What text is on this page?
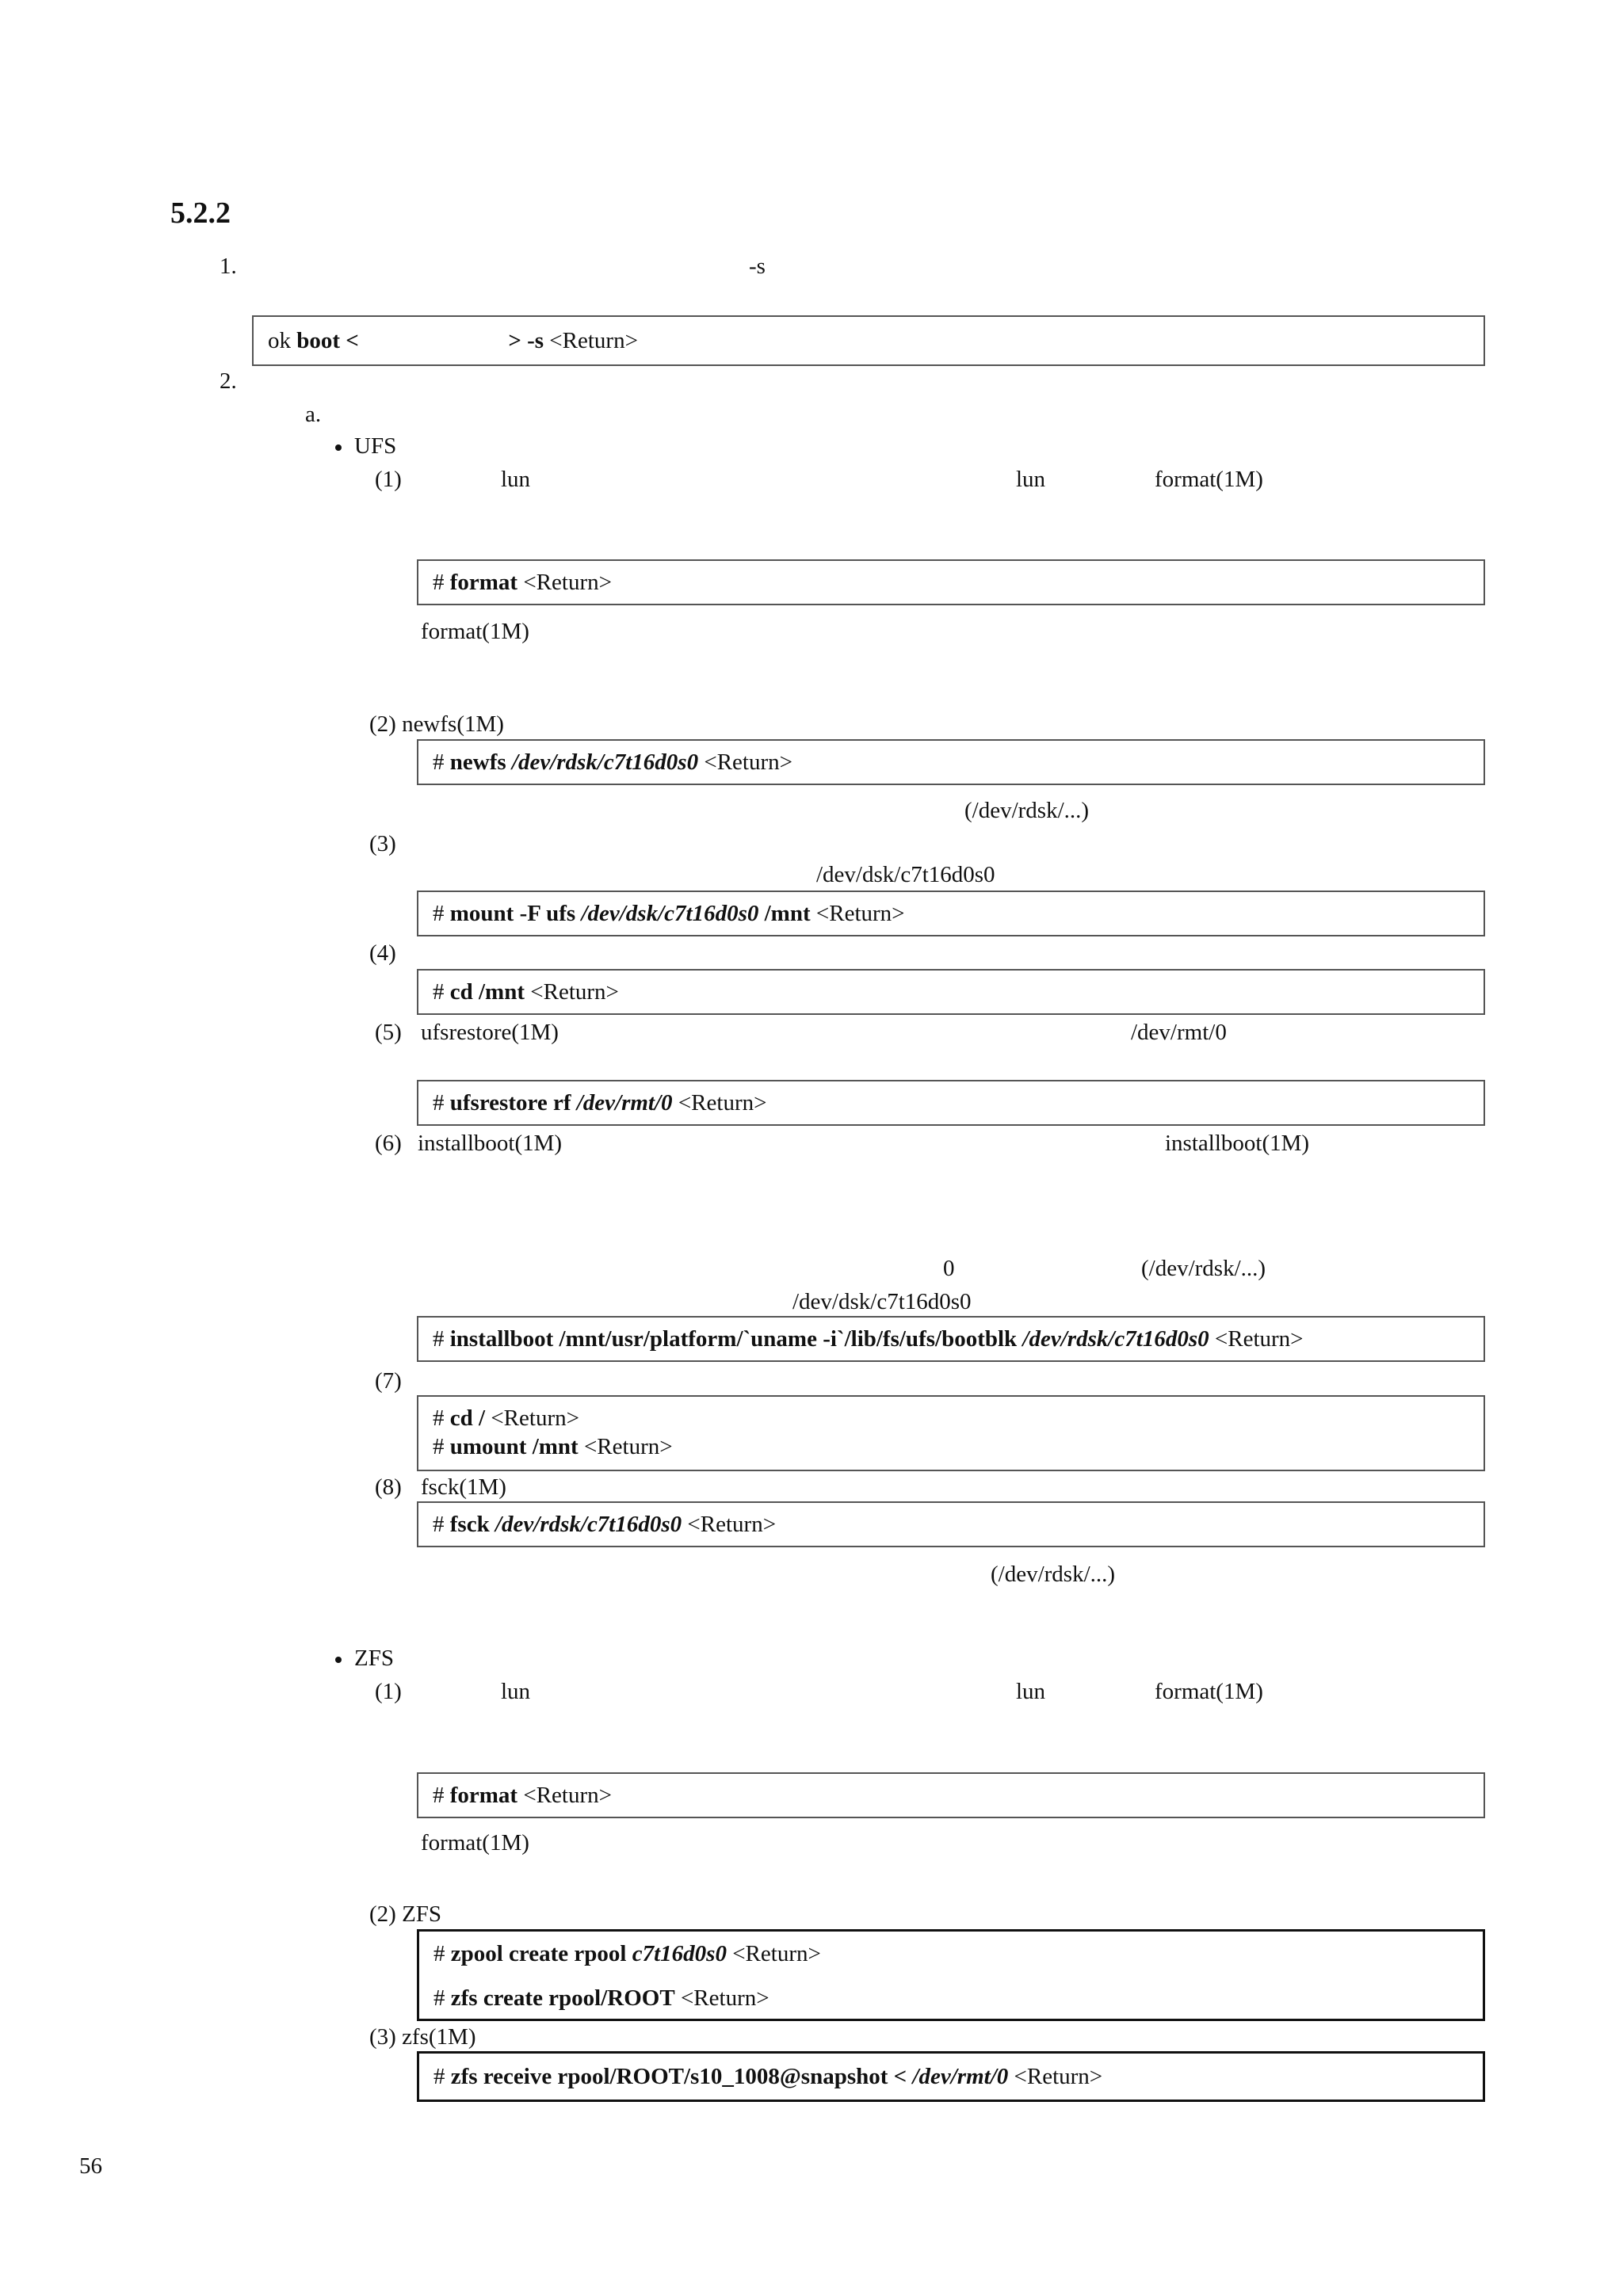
5.2.2
1.	-s
ok boot <	> -s <Return>
2.
a.
UFS
(1)	lun	lun	format(1M)
# format <Return>
format(1M)
(2) newfs(1M)
# newfs /dev/rdsk/c7t16d0s0 <Return>
(/dev/rdsk/...)
(3)
/dev/dsk/c7t16d0s0
# mount -F ufs /dev/dsk/c7t16d0s0 /mnt <Return>
(4)
# cd /mnt <Return>
(5) ufsrestore(1M)	/dev/rmt/0
# ufsrestore rf /dev/rmt/0 <Return>
(6) installboot(1M)	installboot(1M)
0	(/dev/rdsk/...)
/dev/dsk/c7t16d0s0
# installboot /mnt/usr/platform/`uname -i`/lib/fs/ufs/bootblk /dev/rdsk/c7t16d0s0 <Return>
(7)
# cd / <Return>
# umount /mnt <Return>
(8) fsck(1M)
# fsck /dev/rdsk/c7t16d0s0 <Return>
(/dev/rdsk/...)
ZFS
(1)	lun	lun	format(1M)
# format <Return>
format(1M)
(2) ZFS
# zpool create rpool c7t16d0s0 <Return>
# zfs create rpool/ROOT <Return>
(3) zfs(1M)
# zfs receive rpool/ROOT/s10_1008@snapshot < /dev/rmt/0 <Return>
56
